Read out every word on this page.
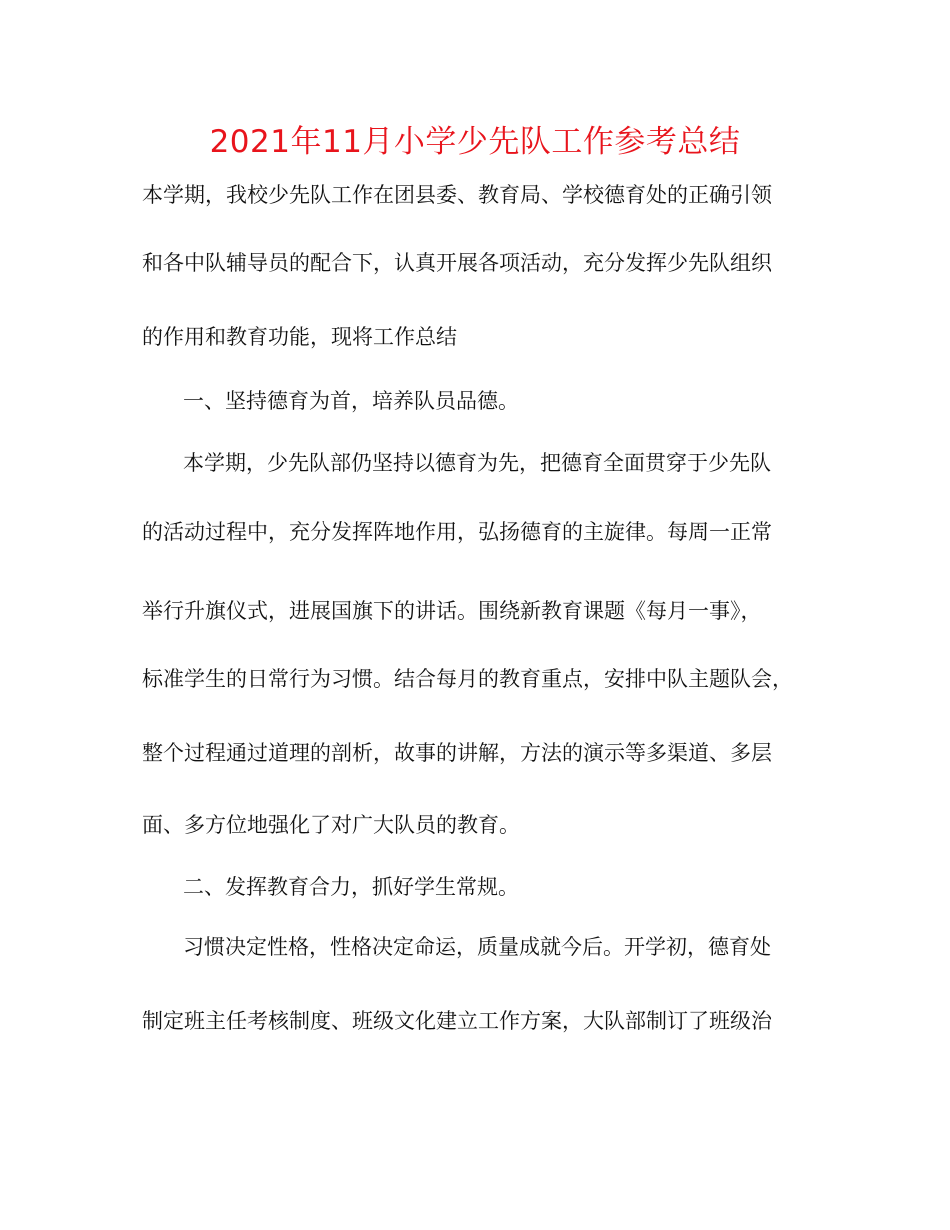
2021年11月小学少先队工作参考总结
本学期，我校少先队工作在团县委、教育局、学校德育处的正确引领
和各中队辅导员的配合下，认真开展各项活动，充分发挥少先队组织
的作用和教育功能，现将工作总结
一、坚持德育为首，培养队员品德。
本学期，少先队部仍坚持以德育为先，把德育全面贯穿于少先队
的活动过程中，充分发挥阵地作用，弘扬德育的主旋律。每周一正常
举行升旗仪式，进展国旗下的讲话。围绕新教育课题《每月一事》，
标准学生的日常行为习惯。结合每月的教育重点，安排中队主题队会，
整个过程通过道理的剖析，故事的讲解，方法的演示等多渠道、多层
面、多方位地强化了对广大队员的教育。
二、发挥教育合力，抓好学生常规。
习惯决定性格，性格决定命运，质量成就今后。开学初，德育处
制定班主任考核制度、班级文化建立工作方案，大队部制订了班级治
